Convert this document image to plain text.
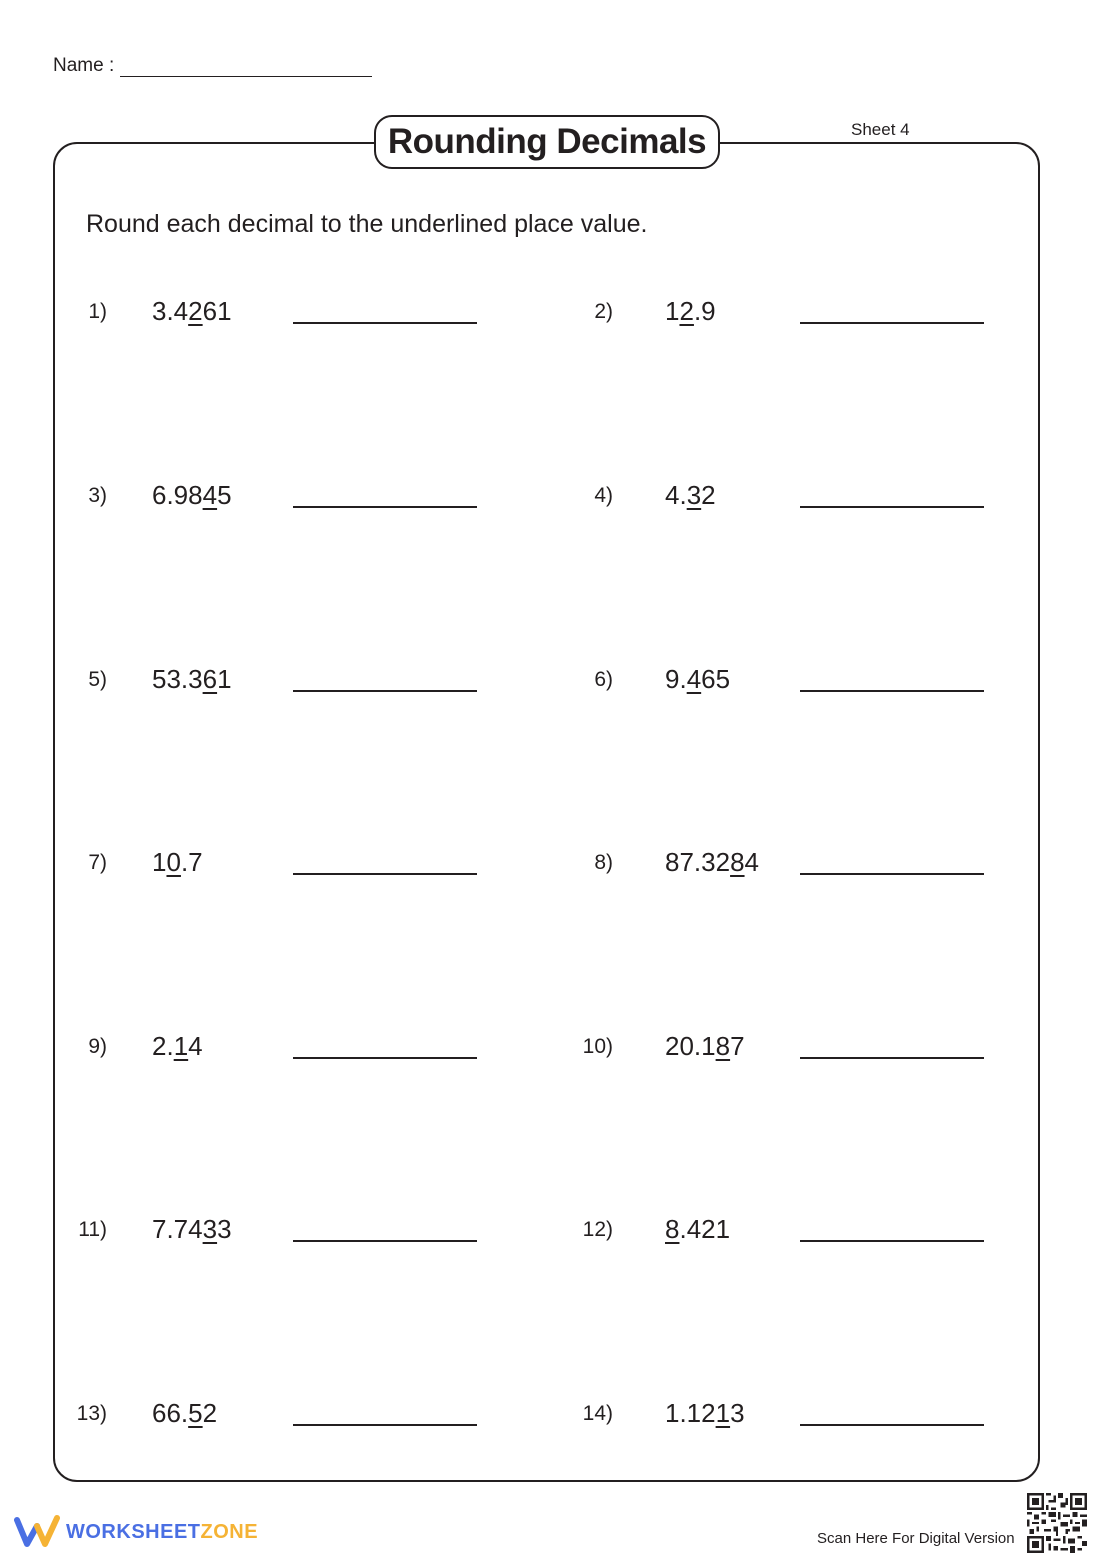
Name :
Rounding Decimals	Sheet 4
Round each decimal to the underlined place value.
1) 3.4261	2) 12.9
3) 6.9845	4) 4.32
5) 53.361	6) 9.465
7) 10.7	8) 87.3284
9) 2.14	10) 20.187
11) 7.7433	12) 8.421
13) 66.52	14) 1.1213
WORKSHEETZONE	Scan Here For Digital Version
